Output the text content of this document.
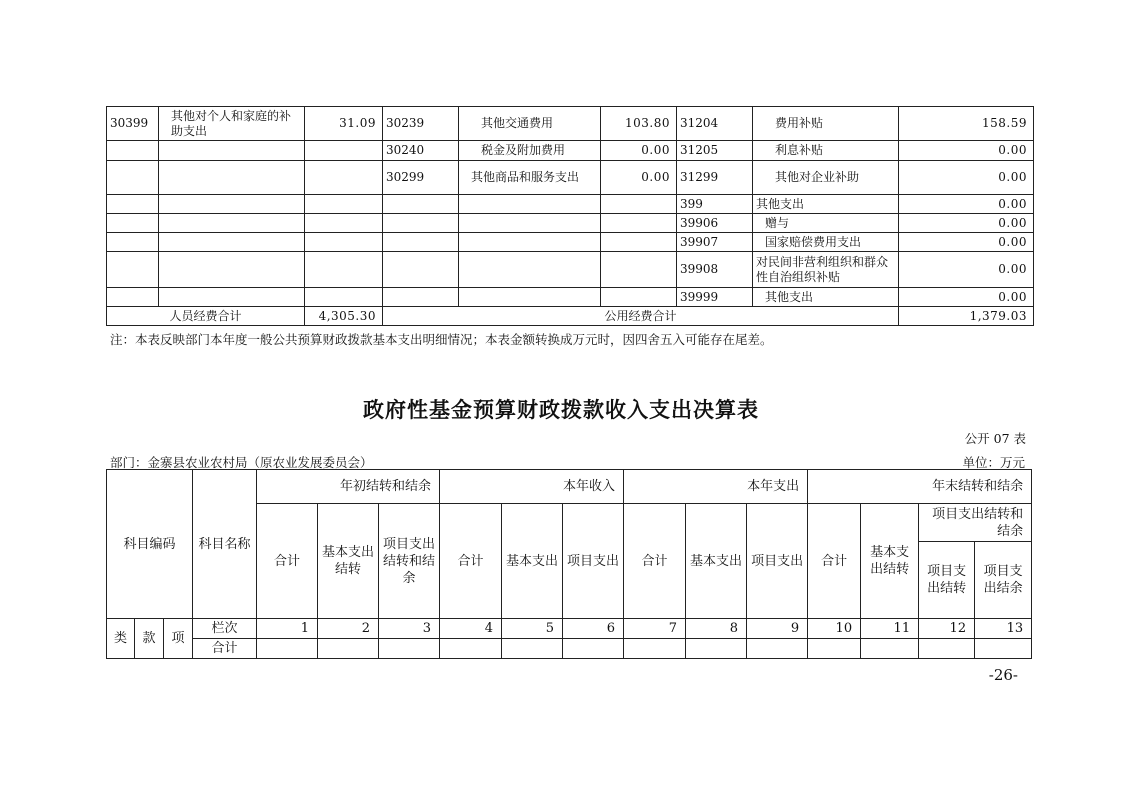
30399	其他对个人和家庭的补助支出	31.09	30239	其他交通费用	103.80	31204	费用补贴	158.59
			30240	税金及附加费用	0.00	31205	利息补贴	0.00
			30299	其他商品和服务支出	0.00	31299	其他对企业补助	0.00
						399	其他支出	0.00
						39906	赠与	0.00
						39907	国家赔偿费用支出	0.00
						39908	对民间非营利组织和群众性自治组织补贴	0.00
						39999	其他支出	0.00
人员经费合计		4,305.30	公用经费合计					1,379.03
注：本表反映部门本年度一般公共预算财政拨款基本支出明细情况；本表金额转换成万元时，因四舍五入可能存在尾差。
政府性基金预算财政拨款收入支出决算表
公开 07 表
部门：金寨县农业农村局（原农业发展委员会）	单位：万元
科目编码			科目名称	年初结转和结余			本年收入			本年支出			年末结转和结余			
				合计	基本支出结转	项目支出结转和结余	合计	基本支出	项目支出	合计	基本支出	项目支出	合计	基本支出结转	项目支出结转和结余	
															项目支出结转	项目支出结余
类	款	项	栏次	1	2	3	4	5	6	7	8	9	10	11	12	13
			合计													
-26-
